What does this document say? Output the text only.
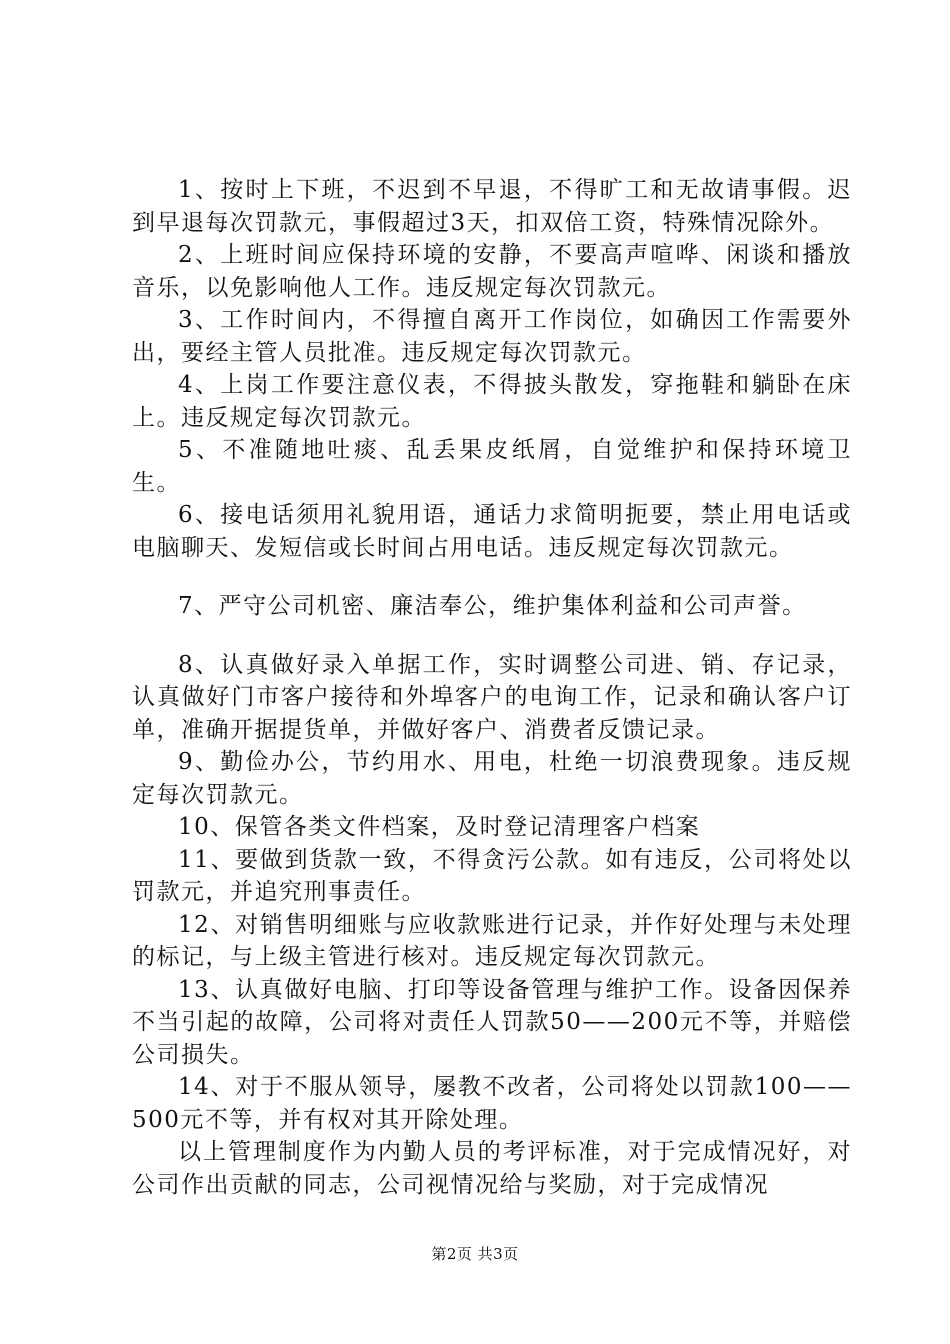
1、按时上下班，不迟到不早退，不得旷工和无故请事假。迟到早退每次罚款元，事假超过3天，扣双倍工资，特殊情况除外。

2、上班时间应保持环境的安静，不要高声喧哗、闲谈和播放音乐，以免影响他人工作。违反规定每次罚款元。

3、工作时间内，不得擅自离开工作岗位，如确因工作需要外出，要经主管人员批准。违反规定每次罚款元。

4、上岗工作要注意仪表，不得披头散发，穿拖鞋和躺卧在床上。违反规定每次罚款元。

5、不准随地吐痰、乱丢果皮纸屑，自觉维护和保持环境卫生。

6、接电话须用礼貌用语，通话力求简明扼要，禁止用电话或电脑聊天、发短信或长时间占用电话。违反规定每次罚款元。

7、严守公司机密、廉洁奉公，维护集体利益和公司声誉。

8、认真做好录入单据工作，实时调整公司进、销、存记录，认真做好门市客户接待和外埠客户的电询工作，记录和确认客户订单，准确开据提货单，并做好客户、消费者反馈记录。

9、勤俭办公，节约用水、用电，杜绝一切浪费现象。违反规定每次罚款元。

10、保管各类文件档案，及时登记清理客户档案

11、要做到货款一致，不得贪污公款。如有违反，公司将处以罚款元，并追究刑事责任。

12、对销售明细账与应收款账进行记录，并作好处理与未处理的标记，与上级主管进行核对。违反规定每次罚款元。

13、认真做好电脑、打印等设备管理与维护工作。设备因保养不当引起的故障，公司将对责任人罚款50——200元不等，并赔偿公司损失。

14、对于不服从领导，屡教不改者，公司将处以罚款100——500元不等，并有权对其开除处理。

以上管理制度作为内勤人员的考评标准，对于完成情况好，对公司作出贡献的同志，公司视情况给与奖励，对于完成情况

第2页 共3页
